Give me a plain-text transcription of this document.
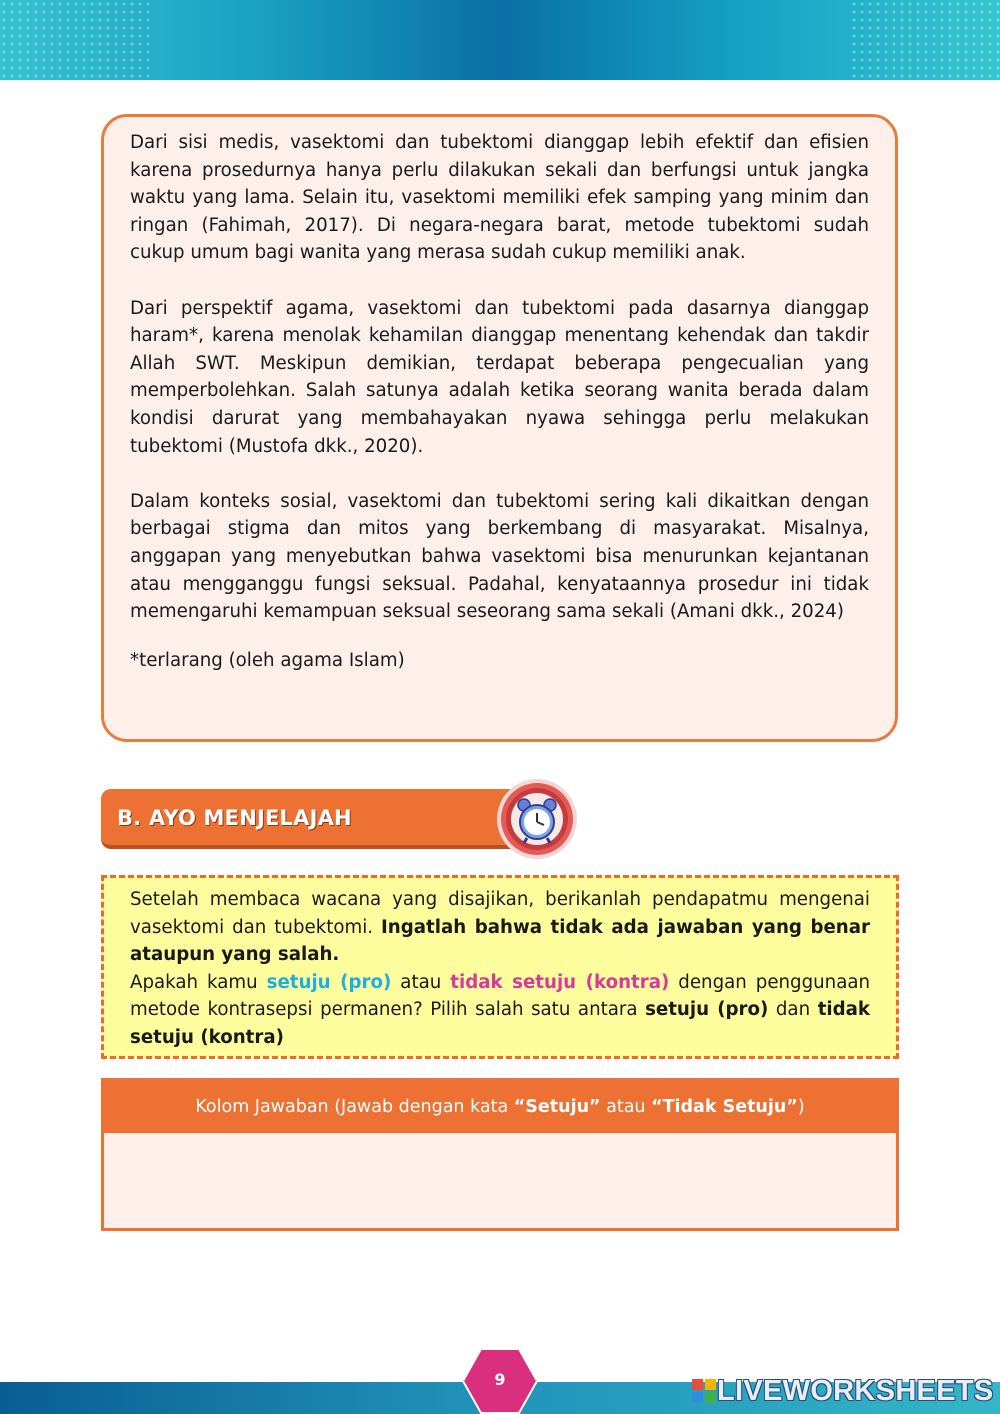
Dari sisi medis, vasektomi dan tubektomi dianggap lebih efektif dan efisien karena prosedurnya hanya perlu dilakukan sekali dan berfungsi untuk jangka waktu yang lama. Selain itu, vasektomi memiliki efek samping yang minim dan ringan (Fahimah, 2017). Di negara-negara barat, metode tubektomi sudah cukup umum bagi wanita yang merasa sudah cukup memiliki anak.

Dari perspektif agama, vasektomi dan tubektomi pada dasarnya dianggap haram*, karena menolak kehamilan dianggap menentang kehendak dan takdir Allah SWT. Meskipun demikian, terdapat beberapa pengecualian yang memperbolehkan. Salah satunya adalah ketika seorang wanita berada dalam kondisi darurat yang membahayakan nyawa sehingga perlu melakukan tubektomi (Mustofa dkk., 2020).

Dalam konteks sosial, vasektomi dan tubektomi sering kali dikaitkan dengan berbagai stigma dan mitos yang berkembang di masyarakat. Misalnya, anggapan yang menyebutkan bahwa vasektomi bisa menurunkan kejantanan atau mengganggu fungsi seksual. Padahal, kenyataannya prosedur ini tidak memengaruhi kemampuan seksual seseorang sama sekali (Amani dkk., 2024)

*terlarang (oleh agama Islam)

B. AYO MENJELAJAH

Setelah membaca wacana yang disajikan, berikanlah pendapatmu mengenai vasektomi dan tubektomi. Ingatlah bahwa tidak ada jawaban yang benar ataupun yang salah.

Apakah kamu setuju (pro) atau tidak setuju (kontra) dengan penggunaan metode kontrasepsi permanen? Pilih salah satu antara setuju (pro) dan tidak setuju (kontra)

Kolom Jawaban (Jawab dengan kata “Setuju” atau “Tidak Setuju”)
9	LIVEWORKSHEETS
